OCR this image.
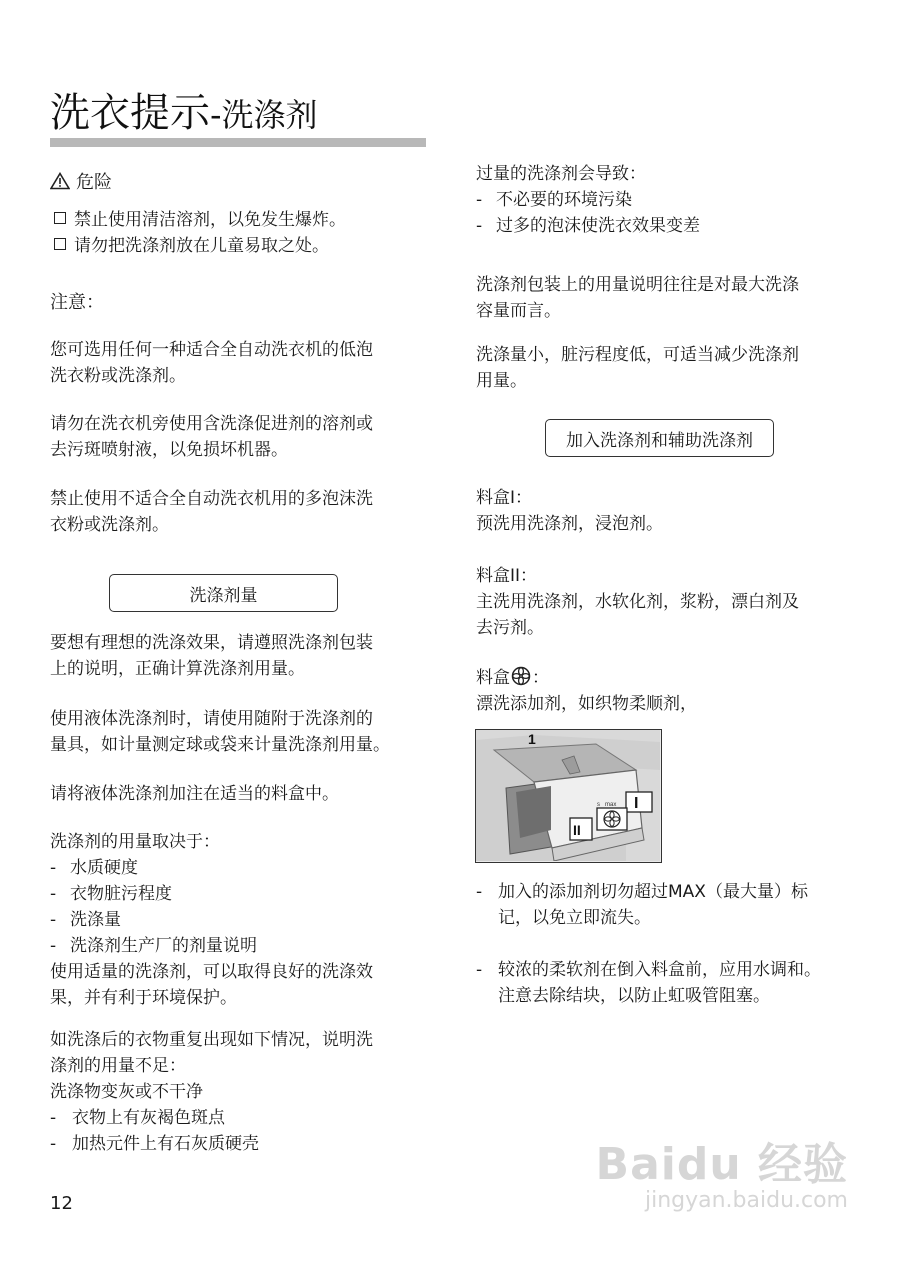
洗衣提示-洗涤剂
危险
禁止使用清洁溶剂，以免发生爆炸。
请勿把洗涤剂放在儿童易取之处。
注意：
您可选用任何一种适合全自动洗衣机的低泡
洗衣粉或洗涤剂。
请勿在洗衣机旁使用含洗涤促进剂的溶剂或
去污斑喷射液，以免损坏机器。
禁止使用不适合全自动洗衣机用的多泡沫洗
衣粉或洗涤剂。
洗涤剂量
要想有理想的洗涤效果，请遵照洗涤剂包装
上的说明，正确计算洗涤剂用量。
使用液体洗涤剂时，请使用随附于洗涤剂的
量具，如计量测定球或袋来计量洗涤剂用量。
请将液体洗涤剂加注在适当的料盒中。
洗涤剂的用量取决于：
- 水质硬度
- 衣物脏污程度
- 洗涤量
- 洗涤剂生产厂的剂量说明
使用适量的洗涤剂，可以取得良好的洗涤效
果，并有利于环境保护。
如洗涤后的衣物重复出现如下情况，说明洗
涤剂的用量不足：
洗涤物变灰或不干净
- 衣物上有灰褐色斑点
- 加热元件上有石灰质硬壳
12
过量的洗涤剂会导致：
- 不必要的环境污染
- 过多的泡沫使洗衣效果变差
洗涤剂包装上的用量说明往往是对最大洗涤
容量而言。
洗涤量小，脏污程度低，可适当减少洗涤剂
用量。
加入洗涤剂和辅助洗涤剂
料盒I：
预洗用洗涤剂，浸泡剂。
料盒II：
主洗用洗涤剂，水软化剂，浆粉，漂白剂及
去污剂。
料盒 ：
漂洗添加剂，如织物柔顺剂，
1
I
II
max
s
- 加入的添加剂切勿超过MAX（最大量）标
记，以免立即流失。
- 较浓的柔软剂在倒入料盒前，应用水调和。
注意去除结块，以防止虹吸管阻塞。
Baidu 经验
jingyan.baidu.com
